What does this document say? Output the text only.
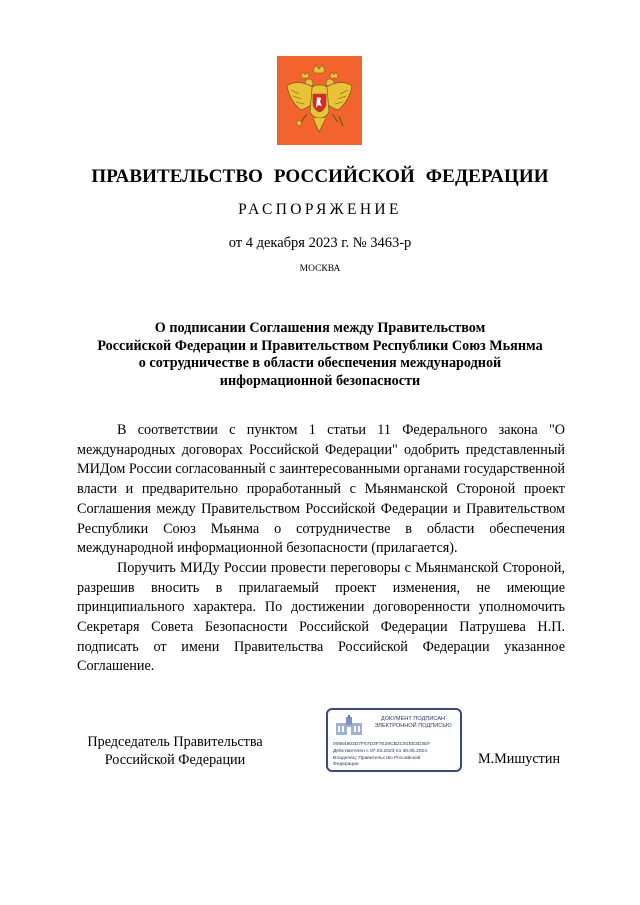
ПРАВИТЕЛЬСТВО РОССИЙСКОЙ ФЕДЕРАЦИИ
РАСПОРЯЖЕНИЕ
от 4 декабря 2023 г. № 3463-р
МОСКВА
О подписании Соглашения между Правительством
Российской Федерации и Правительством Республики Союз Мьянма
о сотрудничестве в области обеспечения международной
информационной безопасности

В соответствии с пунктом 1 статьи 11 Федерального закона "О международных договорах Российской Федерации" одобрить представленный МИДом России согласованный с заинтересованными органами государственной власти и предварительно проработанный с Мьянманской Стороной проект Соглашения между Правительством Российской Федерации и Правительством Республики Союз Мьянма о сотрудничестве в области обеспечения международной информационной безопасности (прилагается).

Поручить МИДу России провести переговоры с Мьянманской Стороной, разрешив вносить в прилагаемый проект изменения, не имеющие принципиального характера. По достижении договоренности уполномочить Секретаря Совета Безопасности Российской Федерации Патрушева Н.П. подписать от имени Правительства Российской Федерации указанное Соглашение.

Председатель Правительства
Российской Федерации
ДОКУМЕНТ ПОДПИСАН
ЭЛЕКТРОННОЙ ПОДПИСЬЮ
00654903D7F67D3F7E29CB2C91EE3D3EF
Действителен с 07.03.2023 по 30.05.2024
Владелец: Правительство Российской
Федерации	М.Мишустин
